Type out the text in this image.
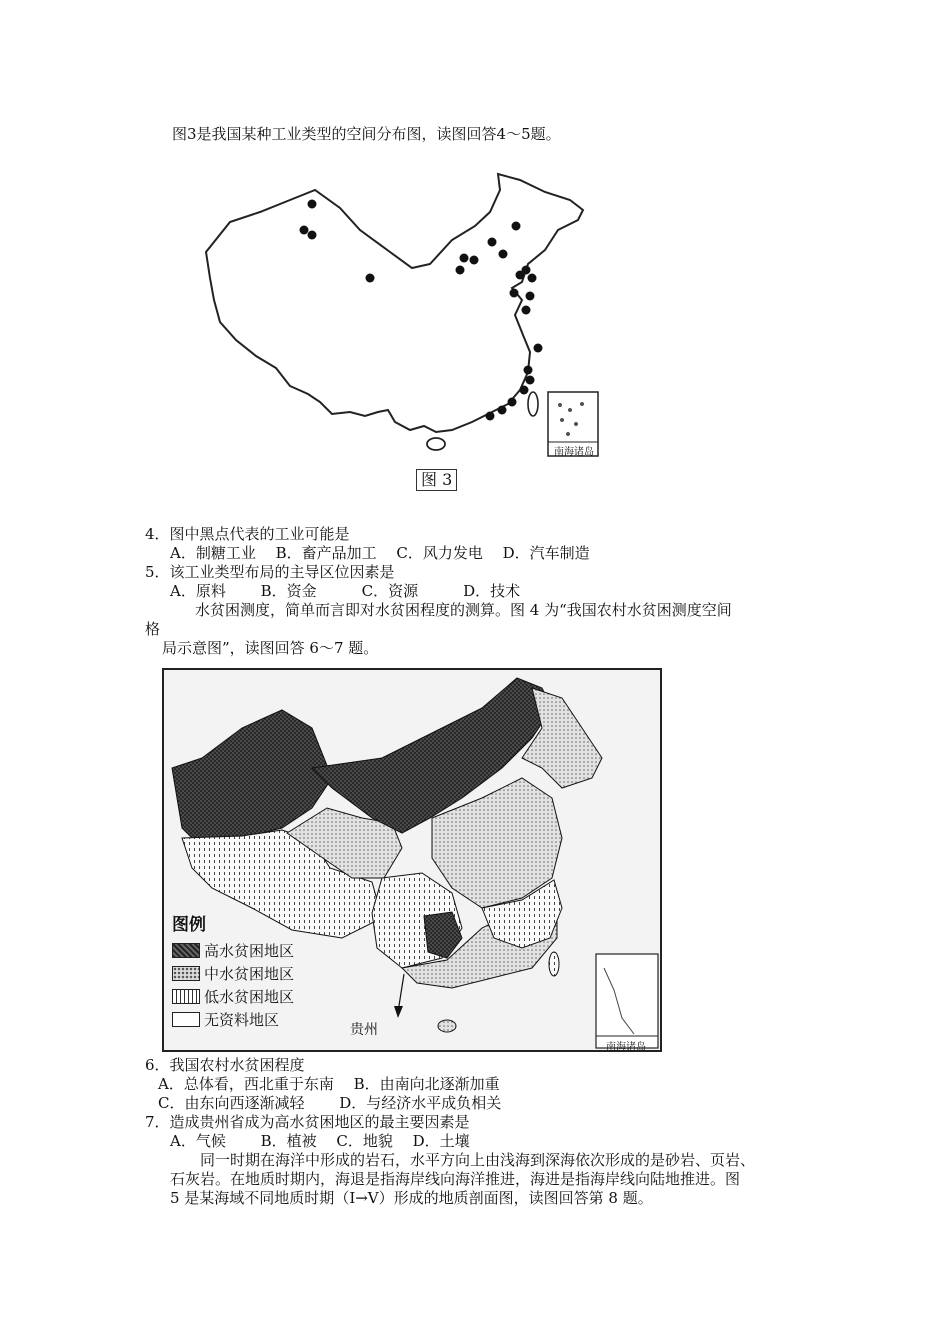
图3是我国某种工业类型的空间分布图，读图回答4～5题。
南海诸岛
图 3
4．图中黑点代表的工业可能是
A．制糖工业　 B．畜产品加工　 C．风力发电　 D．汽车制造
5．该工业类型布局的主导区位因素是
A．原料　　 B．资金　　　C．资源　　　D．技术
水贫困测度，简单而言即对水贫困程度的测算。图 4 为“我国农村水贫困测度空间
格
局示意图”，读图回答 6～7 题。
图例
高水贫困地区
中水贫困地区
低水贫困地区
无资料地区
贵州
南海诸岛
6．我国农村水贫困程度
A．总体看，西北重于东南　 B．由南向北逐渐加重
C．由东向西逐渐减轻　　 D．与经济水平成负相关
7．造成贵州省成为高水贫困地区的最主要因素是
A．气候　　 B．植被　 C．地貌　 D．土壤
同一时期在海洋中形成的岩石，水平方向上由浅海到深海依次形成的是砂岩、页岩、
石灰岩。在地质时期内，海退是指海岸线向海洋推进，海进是指海岸线向陆地推进。图
5 是某海域不同地质时期（I→V）形成的地质剖面图，读图回答第 8 题。
